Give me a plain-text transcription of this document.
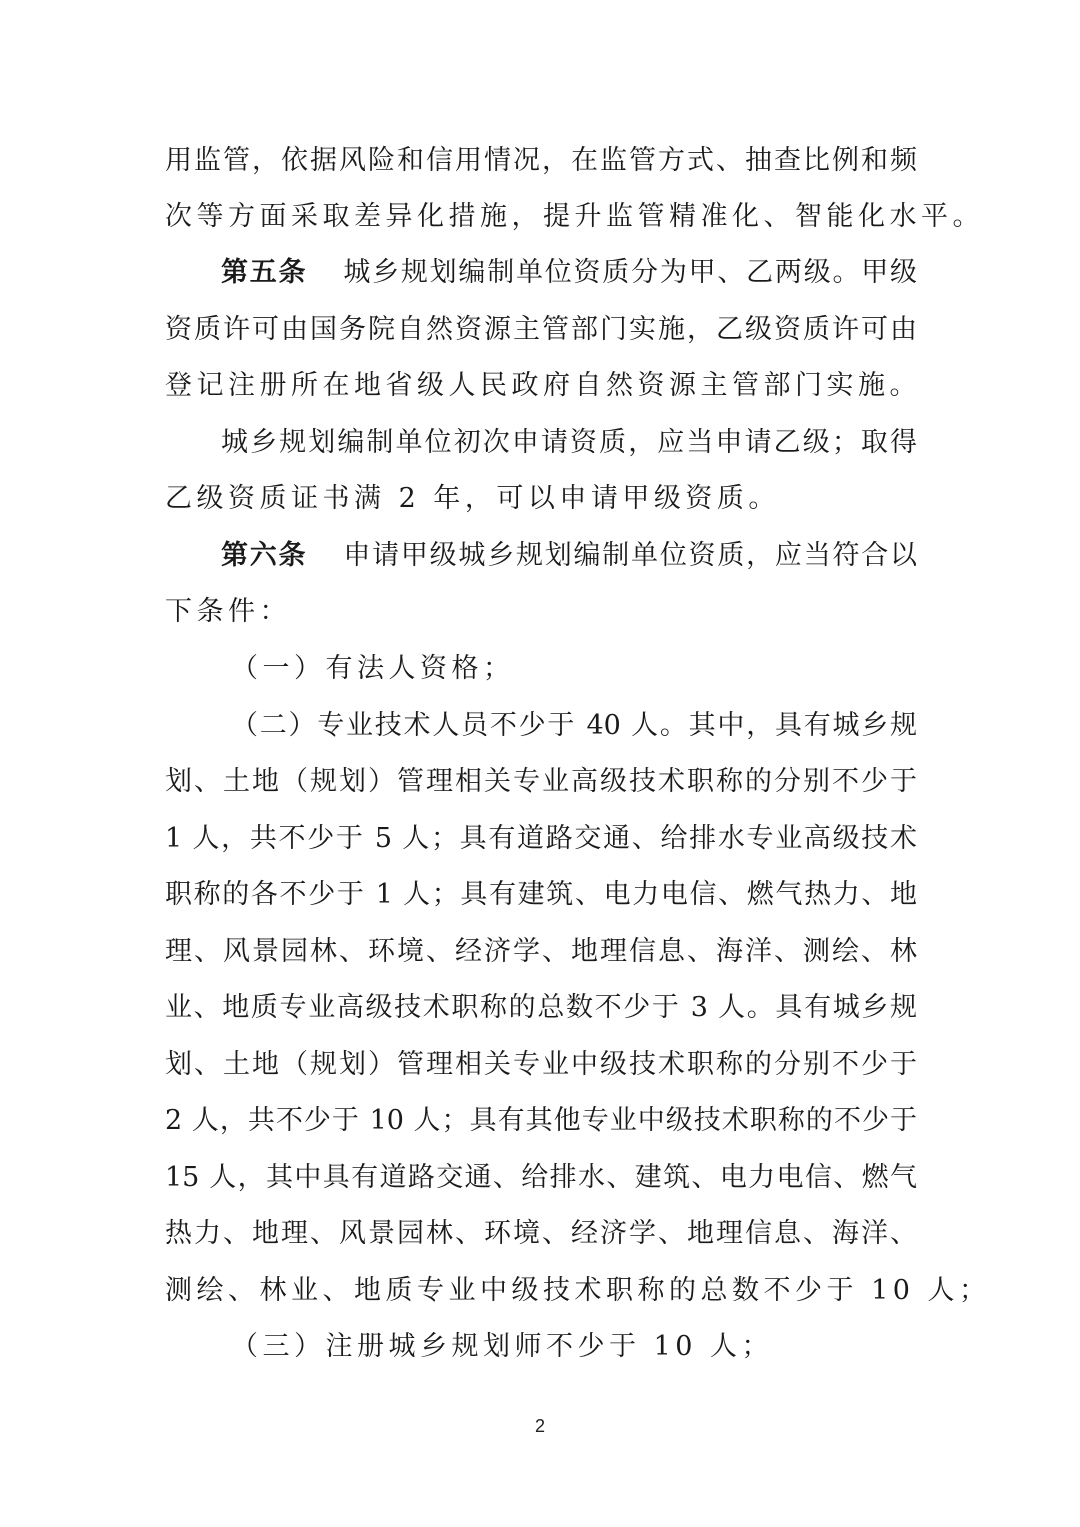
用监管，依据风险和信用情况，在监管方式、抽查比例和频
次等方面采取差异化措施，提升监管精准化、智能化水平。
第五条 城乡规划编制单位资质分为甲、乙两级。甲级
资质许可由国务院自然资源主管部门实施，乙级资质许可由
登记注册所在地省级人民政府自然资源主管部门实施。
城乡规划编制单位初次申请资质，应当申请乙级；取得
乙级资质证书满 2 年，可以申请甲级资质。
第六条 申请甲级城乡规划编制单位资质，应当符合以
下条件：
（一）有法人资格；
（二）专业技术人员不少于 40 人。其中，具有城乡规
划、土地（规划）管理相关专业高级技术职称的分别不少于
1 人，共不少于 5 人；具有道路交通、给排水专业高级技术
职称的各不少于 1 人；具有建筑、电力电信、燃气热力、地
理、风景园林、环境、经济学、地理信息、海洋、测绘、林
业、地质专业高级技术职称的总数不少于 3 人。具有城乡规
划、土地（规划）管理相关专业中级技术职称的分别不少于
2 人，共不少于 10 人；具有其他专业中级技术职称的不少于
15 人，其中具有道路交通、给排水、建筑、电力电信、燃气
热力、地理、风景园林、环境、经济学、地理信息、海洋、
测绘、林业、地质专业中级技术职称的总数不少于 10 人；
（三）注册城乡规划师不少于 10 人；
2
